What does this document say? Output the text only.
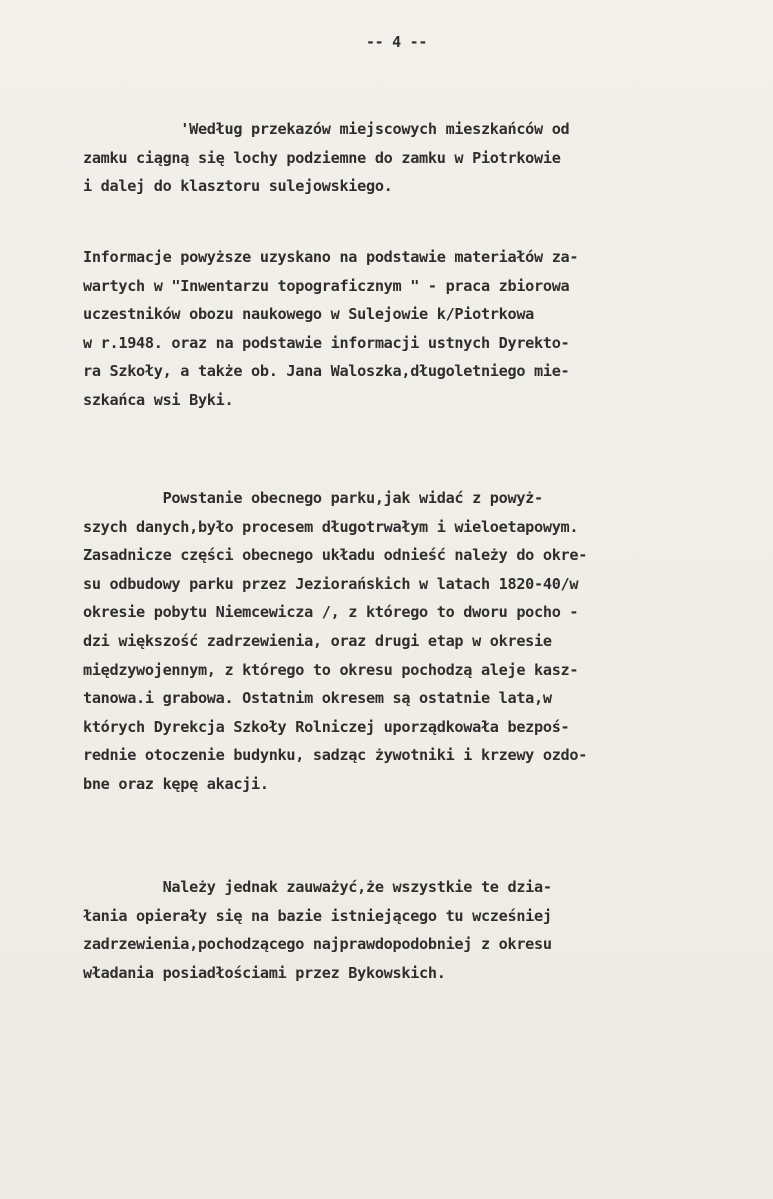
-- 4 --
'Według przekazów miejscowych mieszkańców od
zamku ciągną się lochy podziemne do zamku w Piotrkowie
i dalej do klasztoru sulejowskiego.
Informacje powyższe uzyskano na podstawie materiałów za-
wartych w "Inwentarzu topograficznym " - praca zbiorowa
uczestników obozu naukowego w Sulejowie k/Piotrkowa
w r.1948. oraz na podstawie informacji ustnych Dyrekto-
ra Szkoły, a także ob. Jana Waloszka,długoletniego mie-
szkańca wsi Byki.
Powstanie obecnego parku,jak widać z powyż-
szych danych,było procesem długotrwałym i wieloetapowym.
Zasadnicze części obecnego układu odnieść należy do okre-
su odbudowy parku przez Jeziorańskich w latach 1820-40/w
okresie pobytu Niemcewicza /, z którego to dworu pocho -
dzi większość zadrzewienia, oraz drugi etap w okresie
międzywojennym, z którego to okresu pochodzą aleje kasz-
tanowa.i grabowa. Ostatnim okresem są ostatnie lata,w
których Dyrekcja Szkoły Rolniczej uporządkowała bezpoś-
rednie otoczenie budynku, sadząc żywotniki i krzewy ozdo-
bne oraz kępę akacji.
Należy jednak zauważyć,że wszystkie te dzia-
łania opierały się na bazie istniejącego tu wcześniej
zadrzewienia,pochodzącego najprawdopodobniej z okresu
władania posiadłościami przez Bykowskich.
